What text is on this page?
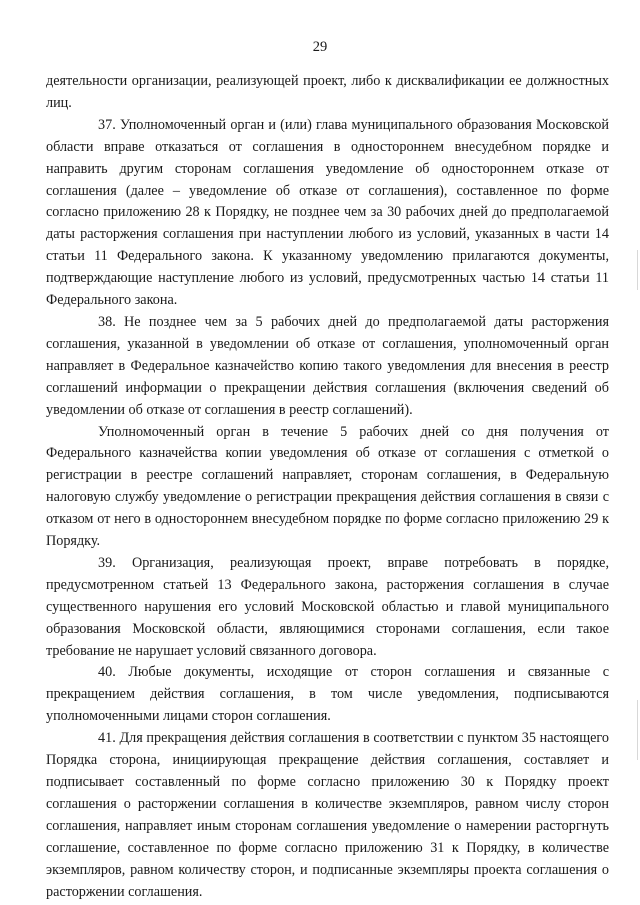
29

деятельности организации, реализующей проект, либо к дисквалификации ее должностных лиц.

37. Уполномоченный орган и (или) глава муниципального образования Московской области вправе отказаться от соглашения в одностороннем внесудебном порядке и направить другим сторонам соглашения уведомление об одностороннем отказе от соглашения (далее – уведомление об отказе от соглашения), составленное по форме согласно приложению 28 к Порядку, не позднее чем за 30 рабочих дней до предполагаемой даты расторжения соглашения при наступлении любого из условий, указанных в части 14 статьи 11 Федерального закона. К указанному уведомлению прилагаются документы, подтверждающие наступление любого из условий, предусмотренных частью 14 статьи 11 Федерального закона.

38. Не позднее чем за 5 рабочих дней до предполагаемой даты расторжения соглашения, указанной в уведомлении об отказе от соглашения, уполномоченный орган направляет в Федеральное казначейство копию такого уведомления для внесения в реестр соглашений информации о прекращении действия соглашения (включения сведений об уведомлении об отказе от соглашения в реестр соглашений).

Уполномоченный орган в течение 5 рабочих дней со дня получения от Федерального казначейства копии уведомления об отказе от соглашения с отметкой о регистрации в реестре соглашений направляет, сторонам соглашения, в Федеральную налоговую службу уведомление о регистрации прекращения действия соглашения в связи с отказом от него в одностороннем внесудебном порядке по форме согласно приложению 29 к Порядку.

39. Организация, реализующая проект, вправе потребовать в порядке, предусмотренном статьей 13 Федерального закона, расторжения соглашения в случае существенного нарушения его условий Московской областью и главой муниципального образования Московской области, являющимися сторонами соглашения, если такое требование не нарушает условий связанного договора.

40. Любые документы, исходящие от сторон соглашения и связанные с прекращением действия соглашения, в том числе уведомления, подписываются уполномоченными лицами сторон соглашения.

41. Для прекращения действия соглашения в соответствии с пунктом 35 настоящего Порядка сторона, инициирующая прекращение действия соглашения, составляет и подписывает составленный по форме согласно приложению 30 к Порядку проект соглашения о расторжении соглашения в количестве экземпляров, равном числу сторон соглашения, направляет иным сторонам соглашения уведомление о намерении расторгнуть соглашение, составленное по форме согласно приложению 31 к Порядку, в количестве экземпляров, равном количеству сторон, и подписанные экземпляры проекта соглашения о расторжении соглашения.
